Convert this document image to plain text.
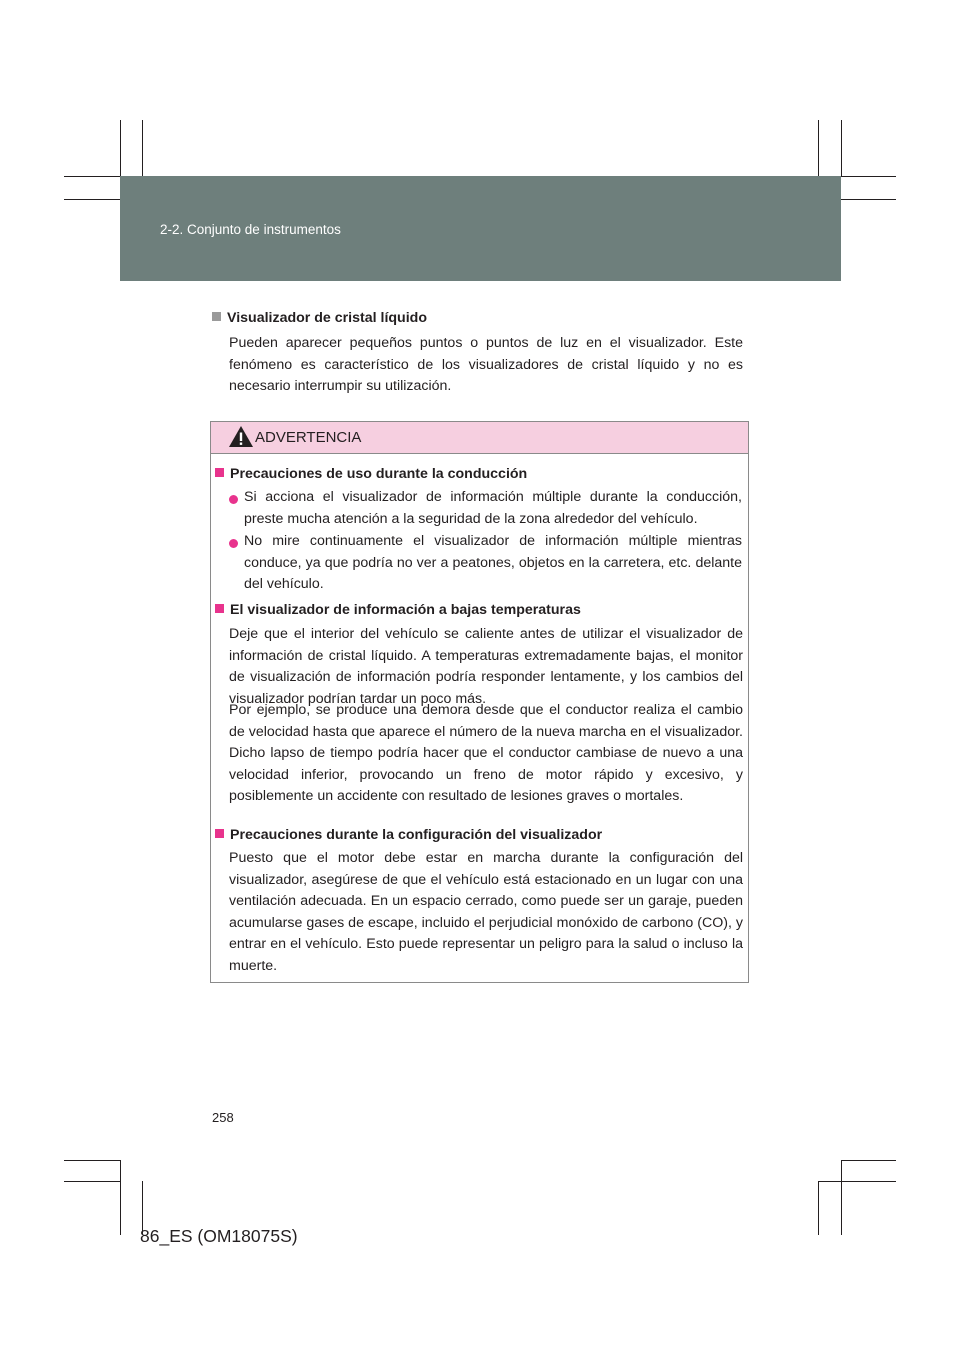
2-2. Conjunto de instrumentos
Visualizador de cristal líquido

Pueden aparecer pequeños puntos o puntos de luz en el visualizador. Este fenómeno es característico de los visualizadores de cristal líquido y no es necesario interrumpir su utilización.

ADVERTENCIA
Precauciones de uso durante la conducción

Si acciona el visualizador de información múltiple durante la conducción, preste mucha atención a la seguridad de la zona alrededor del vehículo.

No mire continuamente el visualizador de información múltiple mientras conduce, ya que podría no ver a peatones, objetos en la carretera, etc. delante del vehículo.

El visualizador de información a bajas temperaturas

Deje que el interior del vehículo se caliente antes de utilizar el visualizador de información de cristal líquido. A temperaturas extremadamente bajas, el monitor de visualización de información podría responder lentamente, y los cambios del visualizador podrían tardar un poco más.

Por ejemplo, se produce una demora desde que el conductor realiza el cambio de velocidad hasta que aparece el número de la nueva marcha en el visualizador. Dicho lapso de tiempo podría hacer que el conductor cambiase de nuevo a una velocidad inferior, provocando un freno de motor rápido y excesivo, y posiblemente un accidente con resultado de lesiones graves o mortales.

Precauciones durante la configuración del visualizador

Puesto que el motor debe estar en marcha durante la configuración del visualizador, asegúrese de que el vehículo está estacionado en un lugar con una ventilación adecuada. En un espacio cerrado, como puede ser un garaje, pueden acumularse gases de escape, incluido el perjudicial monóxido de carbono (CO), y entrar en el vehículo. Esto puede representar un peligro para la salud o incluso la muerte.

258
86_ES (OM18075S)
